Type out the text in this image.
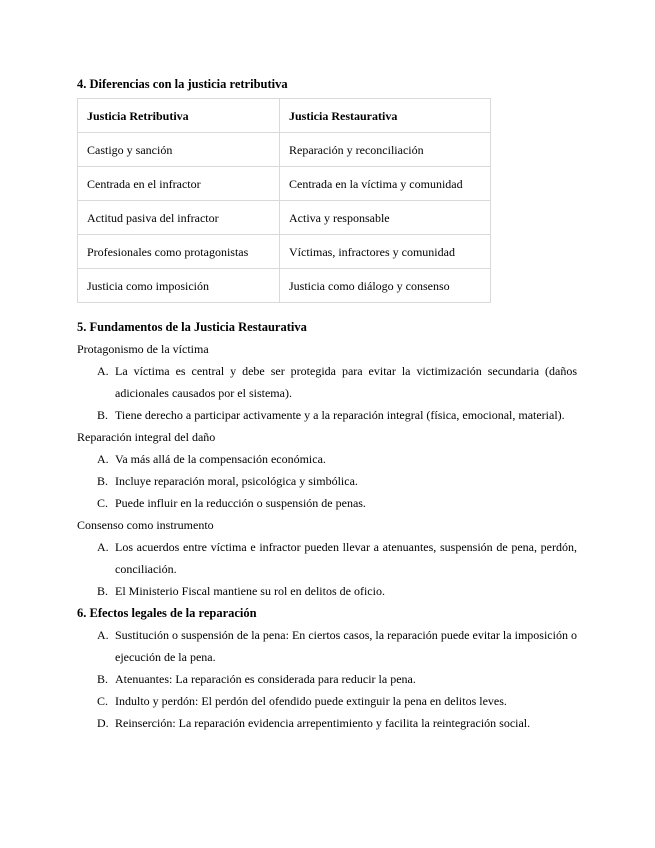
4. Diferencias con la justicia retributiva
Justicia Retributiva	Justicia Restaurativa
Castigo y sanción	Reparación y reconciliación
Centrada en el infractor	Centrada en la víctima y comunidad
Actitud pasiva del infractor	Activa y responsable
Profesionales como protagonistas	Víctimas, infractores y comunidad
Justicia como imposición	Justicia como diálogo y consenso
5. Fundamentos de la Justicia Restaurativa

Protagonismo de la víctima

A. La víctima es central y debe ser protegida para evitar la victimización secundaria (daños adicionales causados por el sistema).
B. Tiene derecho a participar activamente y a la reparación integral (física, emocional, material).

Reparación integral del daño

A. Va más allá de la compensación económica.
B. Incluye reparación moral, psicológica y simbólica.
C. Puede influir en la reducción o suspensión de penas.

Consenso como instrumento

A. Los acuerdos entre víctima e infractor pueden llevar a atenuantes, suspensión de pena, perdón, conciliación.
B. El Ministerio Fiscal mantiene su rol en delitos de oficio.
6. Efectos legales de la reparación
A. Sustitución o suspensión de la pena: En ciertos casos, la reparación puede evitar la imposición o ejecución de la pena.
B. Atenuantes: La reparación es considerada para reducir la pena.
C. Indulto y perdón: El perdón del ofendido puede extinguir la pena en delitos leves.
D. Reinserción: La reparación evidencia arrepentimiento y facilita la reintegración social.
